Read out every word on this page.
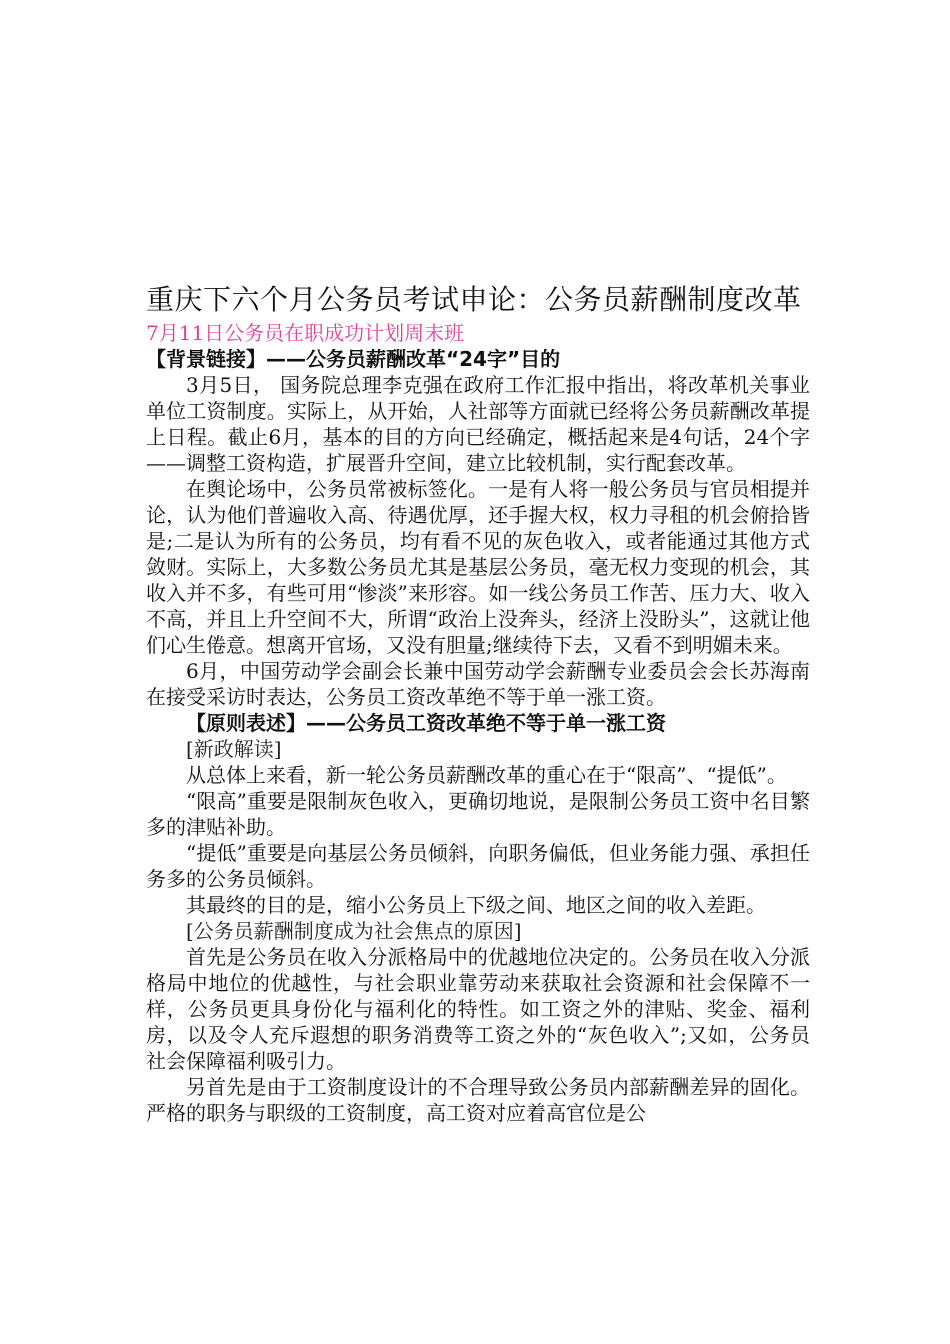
重庆下六个月公务员考试申论：公务员薪酬制度改革

7月11日公务员在职成功计划周末班

【背景链接】——公务员薪酬改革“24字”目的

3月5日， 国务院总理李克强在政府工作汇报中指出，将改革机关事业单位工资制度。实际上，从开始，人社部等方面就已经将公务员薪酬改革提上日程。截止6月，基本的目的方向已经确定，概括起来是4句话，24个字——调整工资构造，扩展晋升空间，建立比较机制，实行配套改革。

在舆论场中，公务员常被标签化。一是有人将一般公务员与官员相提并论，认为他们普遍收入高、待遇优厚，还手握大权，权力寻租的机会俯拾皆是;二是认为所有的公务员，均有看不见的灰色收入，或者能通过其他方式敛财。实际上，大多数公务员尤其是基层公务员，毫无权力变现的机会，其收入并不多，有些可用“惨淡”来形容。如一线公务员工作苦、压力大、收入不高，并且上升空间不大，所谓“政治上没奔头，经济上没盼头”，这就让他们心生倦意。想离开官场，又没有胆量;继续待下去，又看不到明媚未来。

6月，中国劳动学会副会长兼中国劳动学会薪酬专业委员会会长苏海南在接受采访时表达，公务员工资改革绝不等于单一涨工资。

【原则表述】——公务员工资改革绝不等于单一涨工资

[新政解读]

从总体上来看，新一轮公务员薪酬改革的重心在于“限高”、“提低”。

“限高”重要是限制灰色收入，更确切地说，是限制公务员工资中名目繁多的津贴补助。

“提低”重要是向基层公务员倾斜，向职务偏低，但业务能力强、承担任务多的公务员倾斜。

其最终的目的是，缩小公务员上下级之间、地区之间的收入差距。

[公务员薪酬制度成为社会焦点的原因]

首先是公务员在收入分派格局中的优越地位决定的。公务员在收入分派格局中地位的优越性，与社会职业靠劳动来获取社会资源和社会保障不一样，公务员更具身份化与福利化的特性。如工资之外的津贴、奖金、福利房，以及令人充斥遐想的职务消费等工资之外的“灰色收入”;又如，公务员社会保障福利吸引力。

另首先是由于工资制度设计的不合理导致公务员内部薪酬差异的固化。严格的职务与职级的工资制度，高工资对应着高官位是公
